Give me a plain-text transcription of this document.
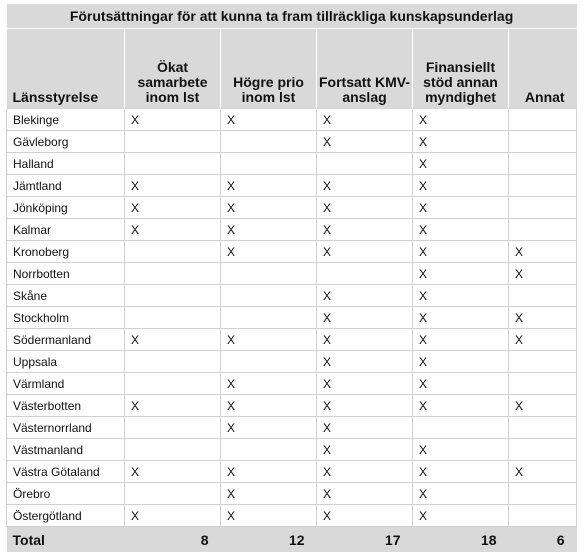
Förutsättningar för att kunna ta fram tillräckliga kunskapsunderlag					
Länsstyrelse	Ökat samarbete inom lst	Högre prio inom lst	Fortsatt KMV-anslag	Finansiellt stöd annan myndighet	Annat
Blekinge	X	X	X	X	
Gävleborg			X	X	
Halland				X	
Jämtland	X	X	X	X	
Jönköping	X	X	X	X	
Kalmar	X	X	X	X	
Kronoberg		X	X	X	X
Norrbotten				X	X
Skåne			X	X	
Stockholm			X	X	X
Södermanland	X	X	X	X	X
Uppsala			X	X	
Värmland		X	X	X	
Västerbotten	X	X	X	X	X
Västernorrland		X	X		
Västmanland			X	X	
Västra Götaland	X	X	X	X	X
Örebro		X	X	X	
Östergötland	X	X	X	X	
Total	8	12	17	18	6
